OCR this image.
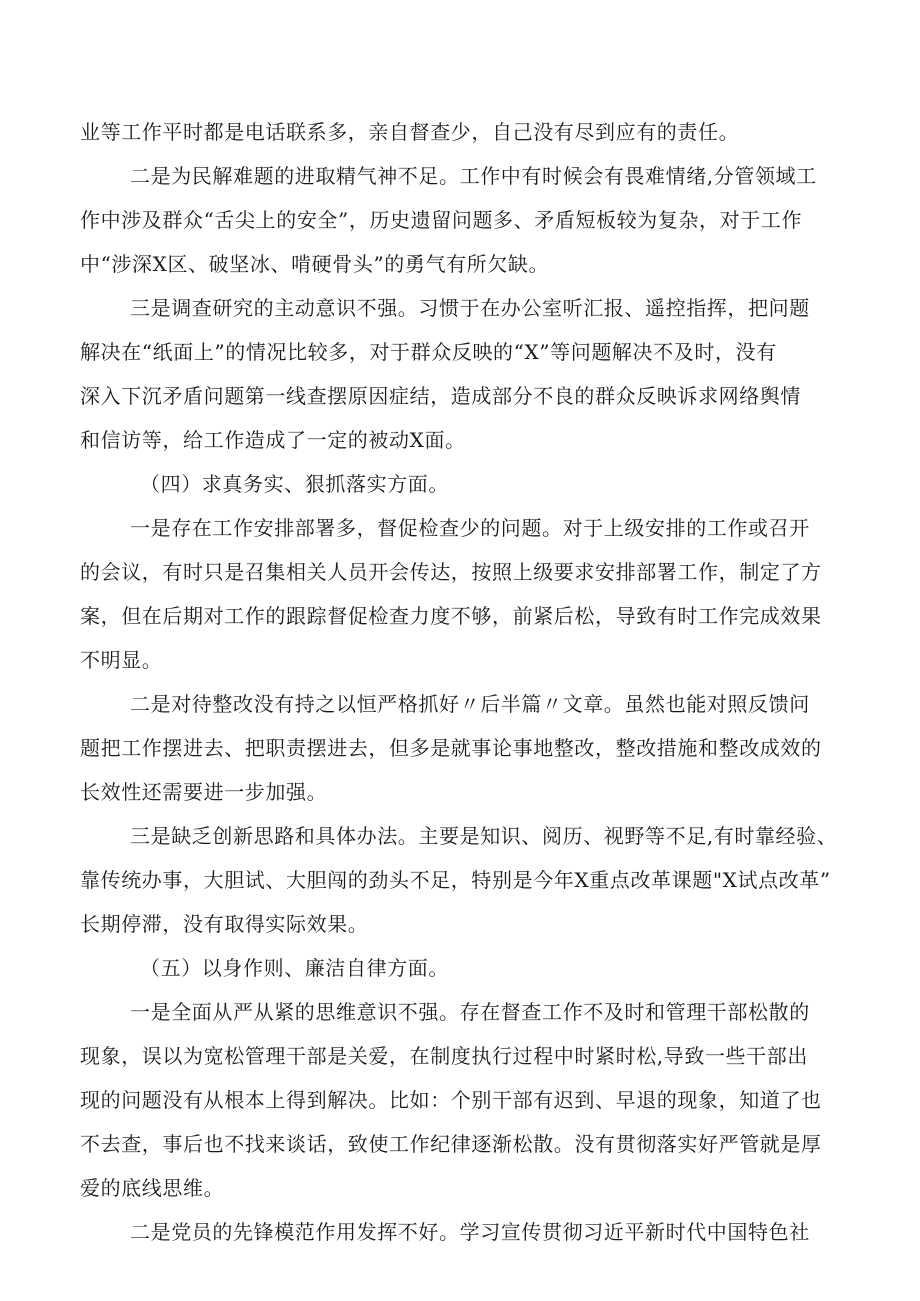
业等工作平时都是电话联系多，亲自督查少，自己没有尽到应有的责任。
二是为民解难题的进取精气神不足。工作中有时候会有畏难情绪,分管领域工
作中涉及群众“舌尖上的安全”，历史遗留问题多、矛盾短板较为复杂，对于工作
中“涉深X区、破坚冰、啃硬骨头”的勇气有所欠缺。
三是调查研究的主动意识不强。习惯于在办公室听汇报、遥控指挥，把问题
解决在“纸面上”的情况比较多，对于群众反映的“X”等问题解决不及时，没有
深入下沉矛盾问题第一线查摆原因症结，造成部分不良的群众反映诉求网络舆情
和信访等，给工作造成了一定的被动X面。
（四）求真务实、狠抓落实方面。
一是存在工作安排部署多，督促检查少的问题。对于上级安排的工作或召开
的会议，有时只是召集相关人员开会传达，按照上级要求安排部署工作，制定了方
案，但在后期对工作的跟踪督促检查力度不够，前紧后松，导致有时工作完成效果
不明显。
二是对待整改没有持之以恒严格抓好〃后半篇〃文章。虽然也能对照反馈问
题把工作摆进去、把职责摆进去，但多是就事论事地整改，整改措施和整改成效的
长效性还需要进一步加强。
三是缺乏创新思路和具体办法。主要是知识、阅历、视野等不足,有时靠经验、
靠传统办事，大胆试、大胆闯的劲头不足，特别是今年X重点改革课题"X试点改革”
长期停滞，没有取得实际效果。
（五）以身作则、廉洁自律方面。
一是全面从严从紧的思维意识不强。存在督查工作不及时和管理干部松散的
现象，误以为宽松管理干部是关爱，在制度执行过程中时紧时松,导致一些干部出
现的问题没有从根本上得到解决。比如：个别干部有迟到、早退的现象，知道了也
不去查，事后也不找来谈话，致使工作纪律逐渐松散。没有贯彻落实好严管就是厚
爱的底线思维。
二是党员的先锋模范作用发挥不好。学习宣传贯彻习近平新时代中国特色社
